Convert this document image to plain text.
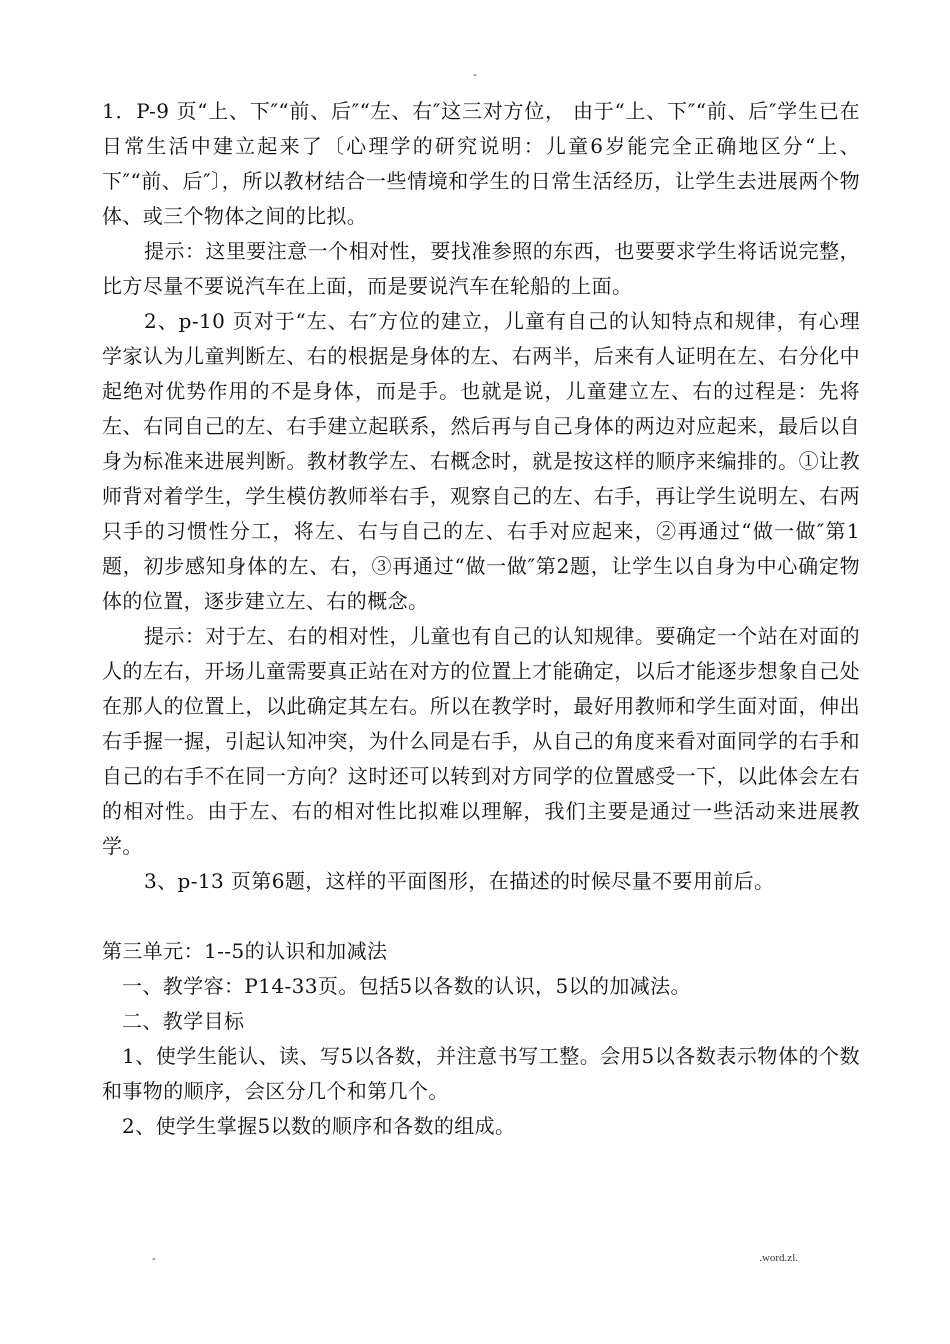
-

1．P-9 页“上、下″“前、后″“左、右″这三对方位， 由于“上、下″“前、后″学生已在日常生活中建立起来了〔心理学的研究说明：儿童6岁能完全正确地区分“上、下″“前、后″〕，所以教材结合一些情境和学生的日常生活经历，让学生去进展两个物体、或三个物体之间的比拟。

提示：这里要注意一个相对性，要找准参照的东西，也要要求学生将话说完整，比方尽量不要说汽车在上面，而是要说汽车在轮船的上面。

2、p-10 页对于“左、右″方位的建立，儿童有自己的认知特点和规律，有心理学家认为儿童判断左、右的根据是身体的左、右两半，后来有人证明在左、右分化中起绝对优势作用的不是身体，而是手。也就是说，儿童建立左、右的过程是：先将左、右同自己的左、右手建立起联系，然后再与自己身体的两边对应起来，最后以自身为标准来进展判断。教材教学左、右概念时，就是按这样的顺序来编排的。①让教师背对着学生，学生模仿教师举右手，观察自己的左、右手，再让学生说明左、右两只手的习惯性分工，将左、右与自己的左、右手对应起来，②再通过“做一做″第1题，初步感知身体的左、右，③再通过“做一做″第2题，让学生以自身为中心确定物体的位置，逐步建立左、右的概念。

提示：对于左、右的相对性，儿童也有自己的认知规律。要确定一个站在对面的人的左右，开场儿童需要真正站在对方的位置上才能确定，以后才能逐步想象自己处在那人的位置上，以此确定其左右。所以在教学时，最好用教师和学生面对面，伸出右手握一握，引起认知冲突，为什么同是右手，从自己的角度来看对面同学的右手和自己的右手不在同一方向？这时还可以转到对方同学的位置感受一下，以此体会左右的相对性。由于左、右的相对性比拟难以理解，我们主要是通过一些活动来进展教学。

3、p-13 页第6题，这样的平面图形，在描述的时候尽量不要用前后。

第三单元：1--5的认识和加减法

一、教学容：P14-33页。包括5以各数的认识，5以的加减法。

二、教学目标

1、使学生能认、读、写5以各数，并注意书写工整。会用5以各数表示物体的个数和事物的顺序，会区分几个和第几个。

2、使学生掌握5以数的顺序和各数的组成。

-	.word.zl.
